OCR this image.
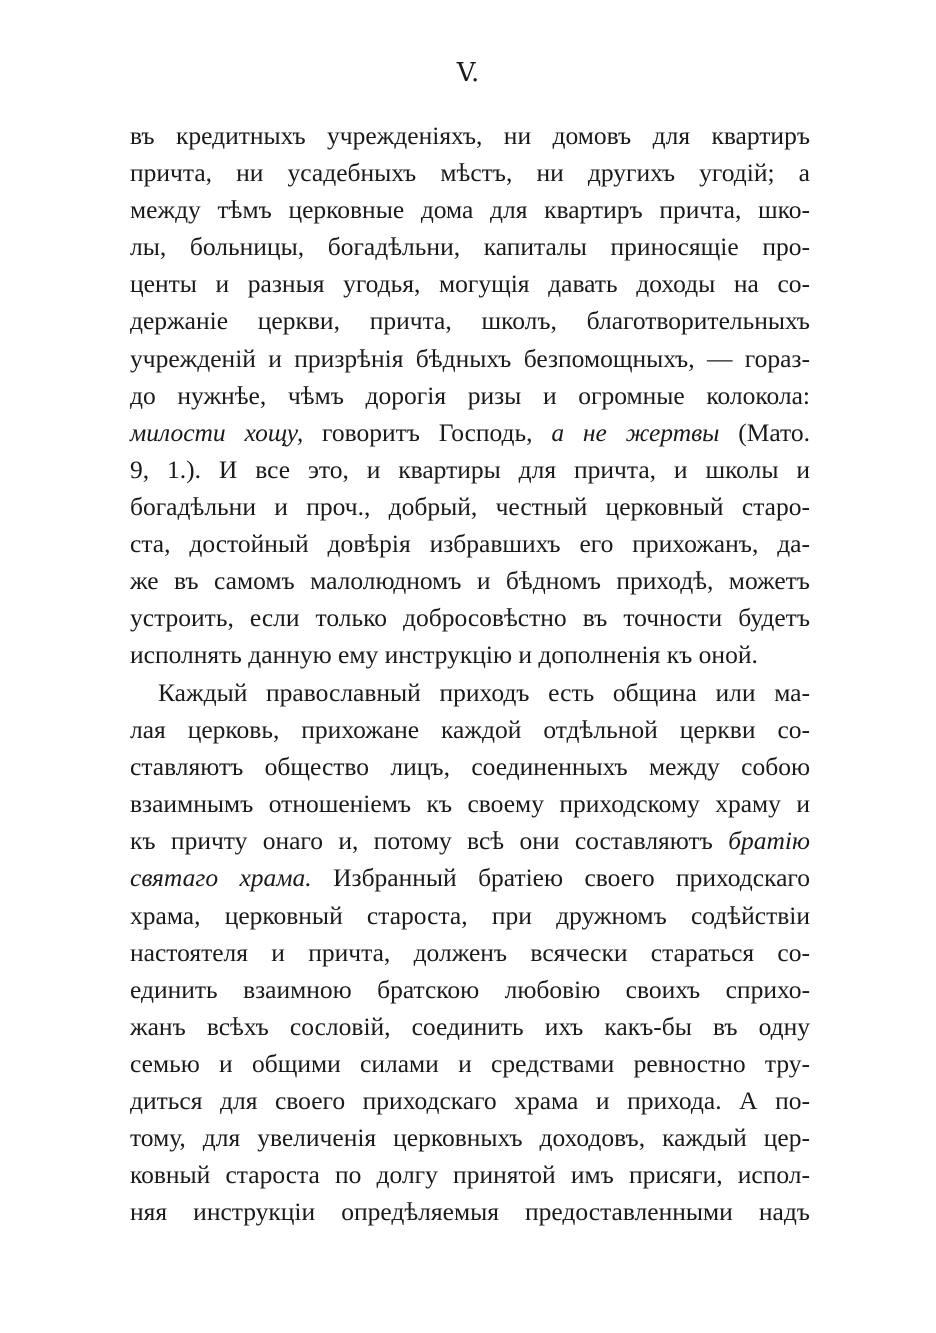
V.
въ кредитныхъ учрежденіяхъ, ни домовъ для квартиръ
причта, ни усадебныхъ мѣстъ, ни другихъ угодій; а
между тѣмъ церковные дома для квартиръ причта, шко-
лы, больницы, богадѣльни, капиталы приносящіе про-
центы и разныя угодья, могущія давать доходы на со-
держаніе церкви, причта, школъ, благотворительныхъ
учрежденій и призрѣнія бѣдныхъ безпомощныхъ, — гораз-
до нужнѣе, чѣмъ дорогія ризы и огромные колокола:
милости хощу, говоритъ Господь, а не жертвы (Мато.
9, 1.). И все это, и квартиры для причта, и школы и
богадѣльни и проч., добрый, честный церковный старо-
ста, достойный довѣрія избравшихъ его прихожанъ, да-
же въ самомъ малолюдномъ и бѣдномъ приходѣ, можетъ
устроить, если только добросовѣстно въ точности будетъ
исполнять данную ему инструкцію и дополненія къ оной.
Каждый православный приходъ есть община или ма-
лая церковь, прихожане каждой отдѣльной церкви со-
ставляютъ общество лицъ, соединенныхъ между собою
взаимнымъ отношеніемъ къ своему приходскому храму и
къ причту онаго и, потому всѣ они составляютъ братію
святаго храма. Избранный братіею своего приходскаго
храма, церковный староста, при дружномъ содѣйствіи
настоятеля и причта, долженъ всячески стараться со-
единить взаимною братскою любовію своихъ сприхо-
жанъ всѣхъ сословій, соединить ихъ какъ-бы въ одну
семью и общими силами и средствами ревностно тру-
диться для своего приходскаго храма и прихода. А по-
тому, для увеличенія церковныхъ доходовъ, каждый цер-
ковный староста по долгу принятой имъ присяги, испол-
няя инструкціи опредѣляемыя предоставленными надъ
